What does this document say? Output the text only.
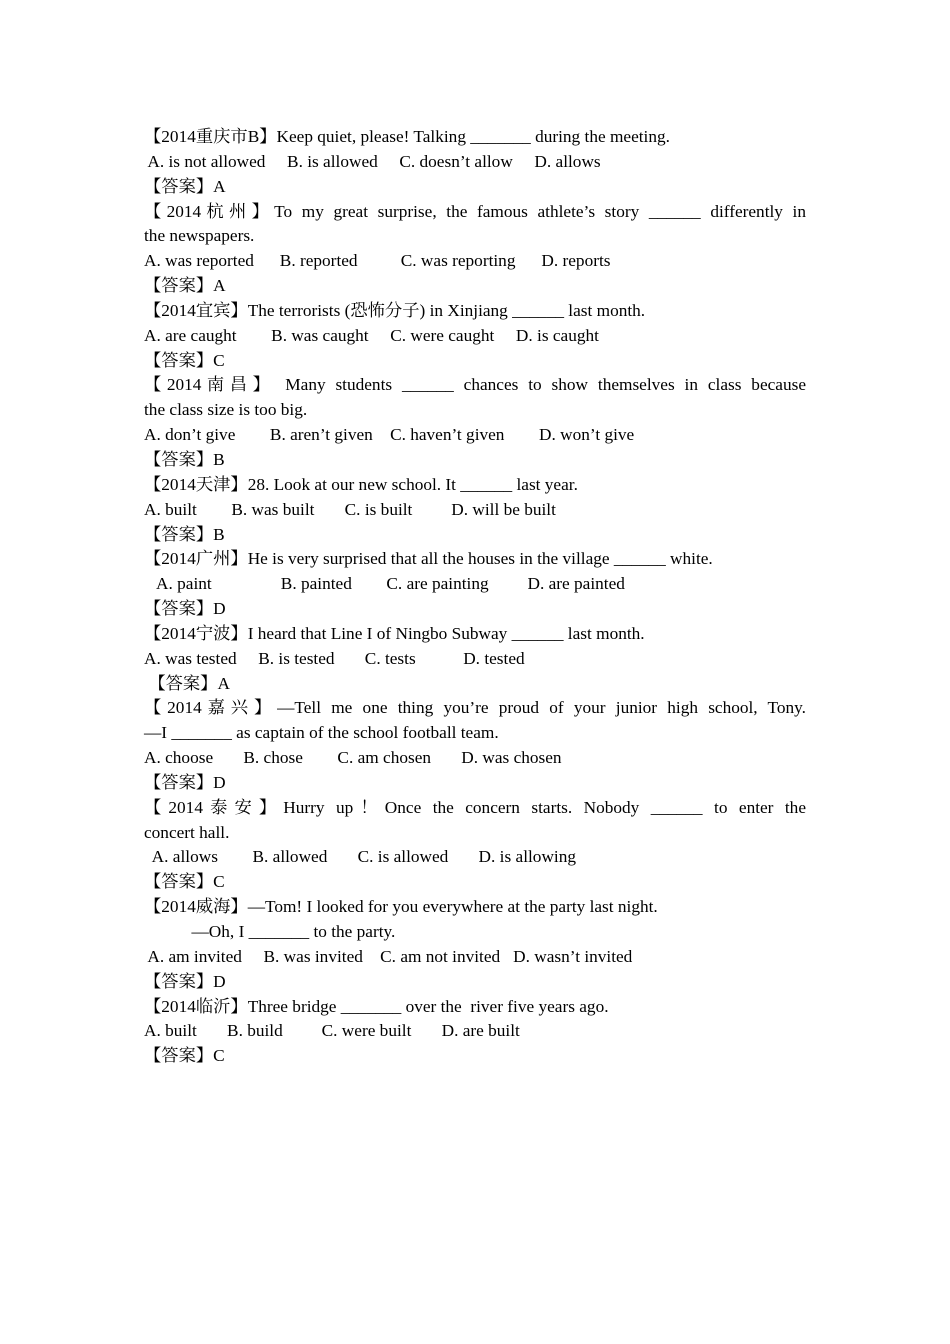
【2014重庆市B】Keep quiet, please! Talking _______ during the meeting.
A. is not allowed     B. is allowed     C. doesn’t allow     D. allows
【答案】A
【2014杭州】To my great surprise, the famous athlete’s story ______ differently in
the newspapers.
A. was reported      B. reported          C. was reporting      D. reports
【答案】A
【2014宜宾】The terrorists (恐怖分子) in Xinjiang ______ last month.
A. are caught        B. was caught     C. were caught     D. is caught
【答案】C
【2014南昌】 Many students ______ chances to show themselves in class because
the class size is too big.
A. don’t give        B. aren’t given    C. haven’t given        D. won’t give
【答案】B
【2014天津】28. Look at our new school. It ______ last year.
A. built        B. was built       C. is built         D. will be built
【答案】B
【2014广州】He is very surprised that all the houses in the village ______ white.
A. paint                B. painted        C. are painting         D. are painted
【答案】D
【2014宁波】I heard that Line I of Ningbo Subway ______ last month.
A. was tested     B. is tested       C. tests           D. tested
【答案】A
【2014嘉兴】—Tell me one thing you’re proud of your junior high school, Tony.
—I _______ as captain of the school football team.
A. choose       B. chose        C. am chosen       D. was chosen
【答案】D
【2014泰安】Hurry up！Once the concern starts. Nobody ______ to enter the
concert hall.
A. allows        B. allowed       C. is allowed       D. is allowing
【答案】C
【2014威海】—Tom! I looked for you everywhere at the party last night.
—Oh, I _______ to the party.
A. am invited     B. was invited    C. am not invited   D. wasn’t invited
【答案】D
【2014临沂】Three bridge _______ over the  river five years ago.
A. built       B. build         C. were built       D. are built
【答案】C
